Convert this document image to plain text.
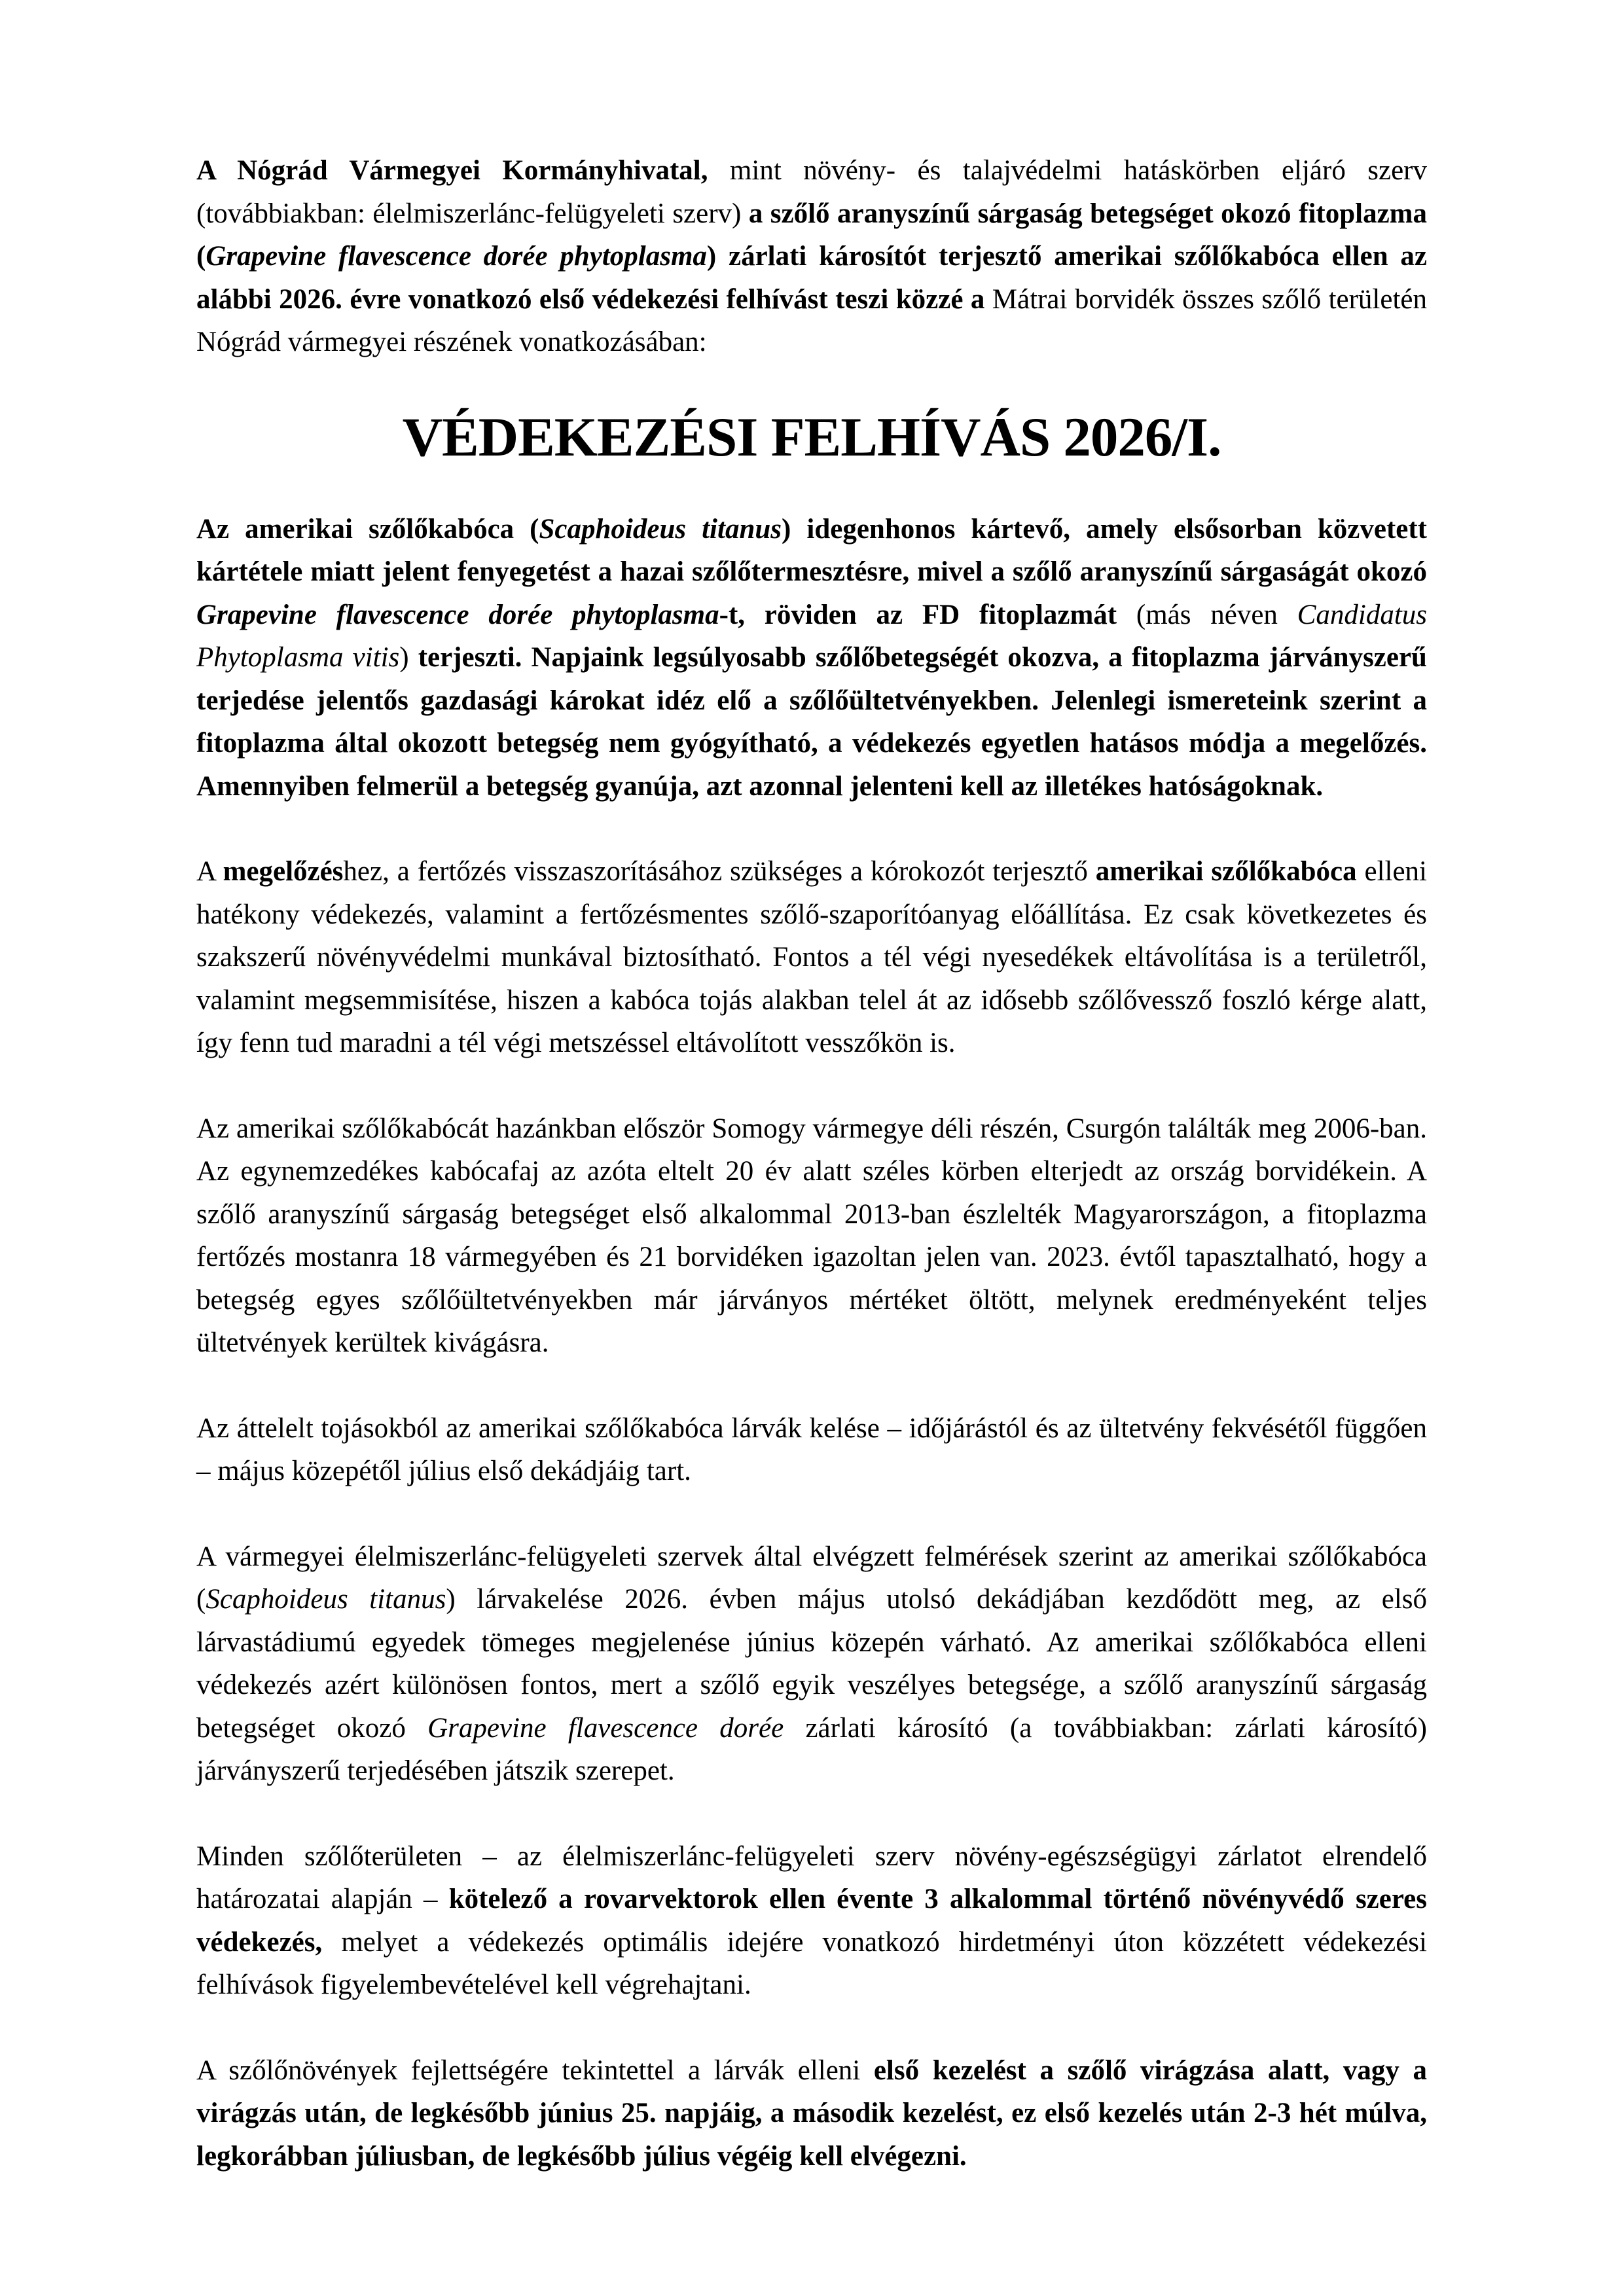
A Nógrád Vármegyei Kormányhivatal, mint növény- és talajvédelmi hatáskörben eljáró szerv (továbbiakban: élelmiszerlánc-felügyeleti szerv) a szőlő aranyszínű sárgaság betegséget okozó fitoplazma (Grapevine flavescence dorée phytoplasma) zárlati károsítót terjesztő amerikai szőlőkabóca ellen az alábbi 2026. évre vonatkozó első védekezési felhívást teszi közzé a Mátrai borvidék összes szőlő területén Nógrád vármegyei részének vonatkozásában:

VÉDEKEZÉSI FELHÍVÁS 2026/I.

Az amerikai szőlőkabóca (Scaphoideus titanus) idegenhonos kártevő, amely elsősorban közvetett kártétele miatt jelent fenyegetést a hazai szőlőtermesztésre, mivel a szőlő aranyszínű sárgaságát okozó Grapevine flavescence dorée phytoplasma-t, röviden az FD fitoplazmát (más néven Candidatus Phytoplasma vitis) terjeszti. Napjaink legsúlyosabb szőlőbetegségét okozva, a fitoplazma járványszerű terjedése jelentős gazdasági károkat idéz elő a szőlőültetvényekben. Jelenlegi ismereteink szerint a fitoplazma által okozott betegség nem gyógyítható, a védekezés egyetlen hatásos módja a megelőzés. Amennyiben felmerül a betegség gyanúja, azt azonnal jelenteni kell az illetékes hatóságoknak.

A megelőzéshez, a fertőzés visszaszorításához szükséges a kórokozót terjesztő amerikai szőlőkabóca elleni hatékony védekezés, valamint a fertőzésmentes szőlő-szaporítóanyag előállítása. Ez csak következetes és szakszerű növényvédelmi munkával biztosítható. Fontos a tél végi nyesedékek eltávolítása is a területről, valamint megsemmisítése, hiszen a kabóca tojás alakban telel át az idősebb szőlővessző foszló kérge alatt, így fenn tud maradni a tél végi metszéssel eltávolított vesszőkön is.

Az amerikai szőlőkabócát hazánkban először Somogy vármegye déli részén, Csurgón találták meg 2006-ban. Az egynemzedékes kabócafaj az azóta eltelt 20 év alatt széles körben elterjedt az ország borvidékein. A szőlő aranyszínű sárgaság betegséget első alkalommal 2013-ban észlelték Magyarországon, a fitoplazma fertőzés mostanra 18 vármegyében és 21 borvidéken igazoltan jelen van. 2023. évtől tapasztalható, hogy a betegség egyes szőlőültetvényekben már járványos mértéket öltött, melynek eredményeként teljes ültetvények kerültek kivágásra.

Az áttelelt tojásokból az amerikai szőlőkabóca lárvák kelése – időjárástól és az ültetvény fekvésétől függően – május közepétől július első dekádjáig tart.

A vármegyei élelmiszerlánc-felügyeleti szervek által elvégzett felmérések szerint az amerikai szőlőkabóca (Scaphoideus titanus) lárvakelése 2026. évben május utolsó dekádjában kezdődött meg, az első lárvastádiumú egyedek tömeges megjelenése június közepén várható. Az amerikai szőlőkabóca elleni védekezés azért különösen fontos, mert a szőlő egyik veszélyes betegsége, a szőlő aranyszínű sárgaság betegséget okozó Grapevine flavescence dorée zárlati károsító (a továbbiakban: zárlati károsító) járványszerű terjedésében játszik szerepet.

Minden szőlőterületen – az élelmiszerlánc-felügyeleti szerv növény-egészségügyi zárlatot elrendelő határozatai alapján – kötelező a rovarvektorok ellen évente 3 alkalommal történő növényvédő szeres védekezés, melyet a védekezés optimális idejére vonatkozó hirdetményi úton közzétett védekezési felhívások figyelembevételével kell végrehajtani.

A szőlőnövények fejlettségére tekintettel a lárvák elleni első kezelést a szőlő virágzása alatt, vagy a virágzás után, de legkésőbb június 25. napjáig, a második kezelést, ez első kezelés után 2-3 hét múlva, legkorábban júliusban, de legkésőbb július végéig kell elvégezni.
